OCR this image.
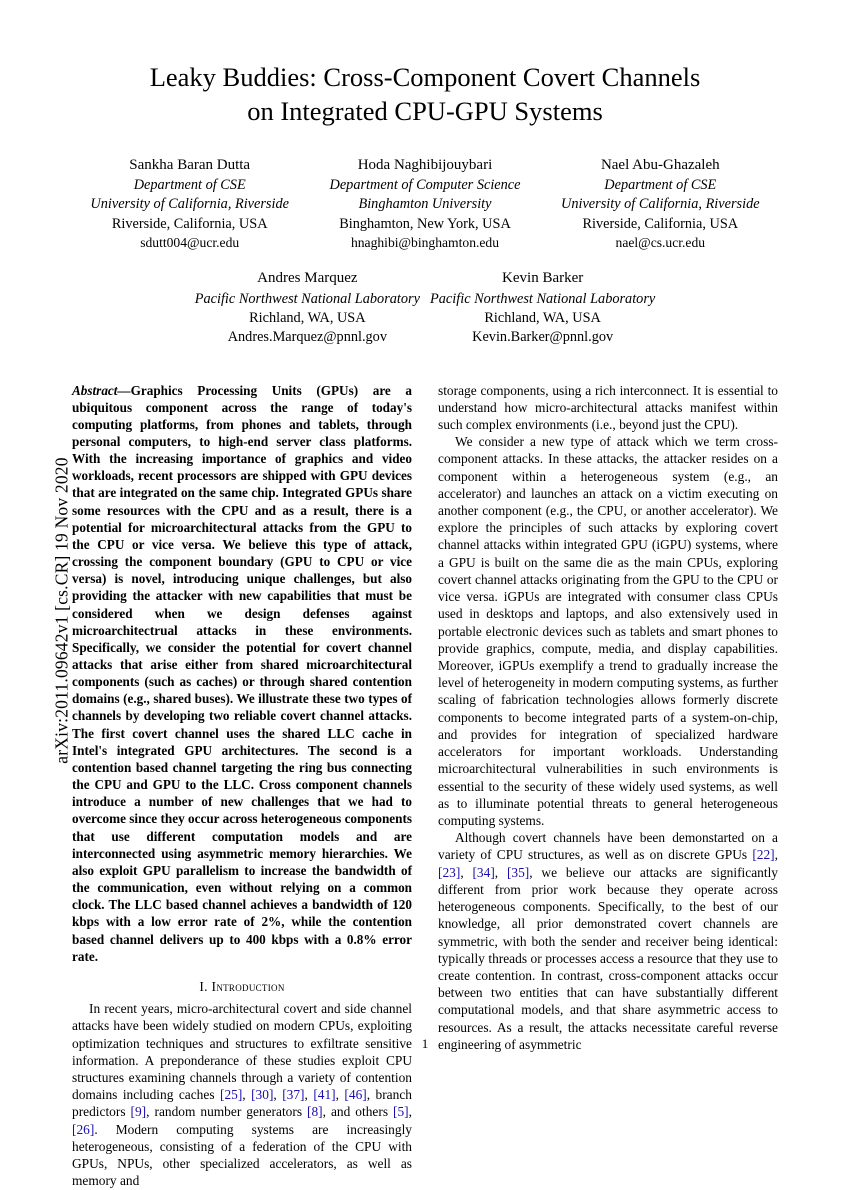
arXiv:2011.09642v1 [cs.CR] 19 Nov 2020
Leaky Buddies: Cross-Component Covert Channels
on Integrated CPU-GPU Systems
Sankha Baran Dutta
Department of CSE
University of California, Riverside
Riverside, California, USA
sdutt004@ucr.edu
Hoda Naghibijouybari
Department of Computer Science
Binghamton University
Binghamton, New York, USA
hnaghibi@binghamton.edu
Nael Abu-Ghazaleh
Department of CSE
University of California, Riverside
Riverside, California, USA
nael@cs.ucr.edu
Andres Marquez
Pacific Northwest National Laboratory
Richland, WA, USA
Andres.Marquez@pnnl.gov
Kevin Barker
Pacific Northwest National Laboratory
Richland, WA, USA
Kevin.Barker@pnnl.gov
Abstract—Graphics Processing Units (GPUs) are a ubiquitous component across the range of today's computing platforms, from phones and tablets, through personal computers, to high-end server class platforms. With the increasing importance of graphics and video workloads, recent processors are shipped with GPU devices that are integrated on the same chip. Integrated GPUs share some resources with the CPU and as a result, there is a potential for microarchitectural attacks from the GPU to the CPU or vice versa. We believe this type of attack, crossing the component boundary (GPU to CPU or vice versa) is novel, introducing unique challenges, but also providing the attacker with new capabilities that must be considered when we design defenses against microarchitectrual attacks in these environments. Specifically, we consider the potential for covert channel attacks that arise either from shared microarchitectural components (such as caches) or through shared contention domains (e.g., shared buses). We illustrate these two types of channels by developing two reliable covert channel attacks. The first covert channel uses the shared LLC cache in Intel's integrated GPU architectures. The second is a contention based channel targeting the ring bus connecting the CPU and GPU to the LLC. Cross component channels introduce a number of new challenges that we had to overcome since they occur across heterogeneous components that use different computation models and are interconnected using asymmetric memory hierarchies. We also exploit GPU parallelism to increase the bandwidth of the communication, even without relying on a common clock. The LLC based channel achieves a bandwidth of 120 kbps with a low error rate of 2%, while the contention based channel delivers up to 400 kbps with a 0.8% error rate.
I. Introduction

In recent years, micro-architectural covert and side channel attacks have been widely studied on modern CPUs, exploiting optimization techniques and structures to exfiltrate sensitive information. A preponderance of these studies exploit CPU structures examining channels through a variety of contention domains including caches [25], [30], [37], [41], [46], branch predictors [9], random number generators [8], and others [5], [26]. Modern computing systems are increasingly heterogeneous, consisting of a federation of the CPU with GPUs, NPUs, other specialized accelerators, as well as memory and

storage components, using a rich interconnect. It is essential to understand how micro-architectural attacks manifest within such complex environments (i.e., beyond just the CPU).

We consider a new type of attack which we term cross-component attacks. In these attacks, the attacker resides on a component within a heterogeneous system (e.g., an accelerator) and launches an attack on a victim executing on another component (e.g., the CPU, or another accelerator). We explore the principles of such attacks by exploring covert channel attacks within integrated GPU (iGPU) systems, where a GPU is built on the same die as the main CPUs, exploring covert channel attacks originating from the GPU to the CPU or vice versa. iGPUs are integrated with consumer class CPUs used in desktops and laptops, and also extensively used in portable electronic devices such as tablets and smart phones to provide graphics, compute, media, and display capabilities. Moreover, iGPUs exemplify a trend to gradually increase the level of heterogeneity in modern computing systems, as further scaling of fabrication technologies allows formerly discrete components to become integrated parts of a system-on-chip, and provides for integration of specialized hardware accelerators for important workloads. Understanding microarchitectural vulnerabilities in such environments is essential to the security of these widely used systems, as well as to illuminate potential threats to general heterogeneous computing systems.

Although covert channels have been demonstarted on a variety of CPU structures, as well as on discrete GPUs [22], [23], [34], [35], we believe our attacks are significantly different from prior work because they operate across heterogeneous components. Specifically, to the best of our knowledge, all prior demonstrated covert channels are symmetric, with both the sender and receiver being identical: typically threads or processes access a resource that they use to create contention. In contrast, cross-component attacks occur between two entities that can have substantially different computational models, and that share asymmetric access to resources. As a result, the attacks necessitate careful reverse engineering of asymmetric

1
